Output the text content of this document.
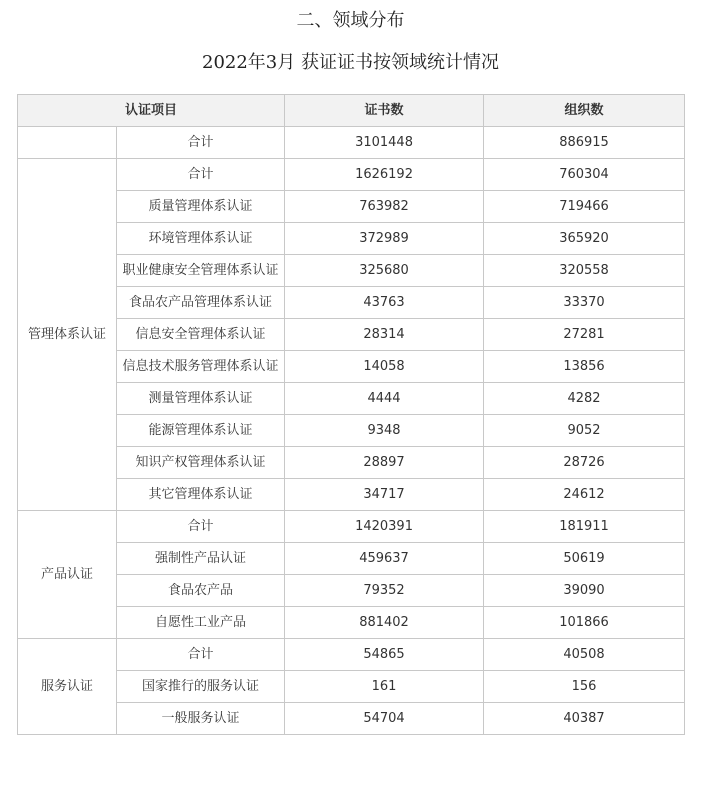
二、领域分布
2022年3月 获证证书按领域统计情况
认证项目		证书数	组织数
	合计	3101448	886915
管理体系认证	合计	1626192	760304
	质量管理体系认证	763982	719466
	环境管理体系认证	372989	365920
	职业健康安全管理体系认证	325680	320558
	食品农产品管理体系认证	43763	33370
	信息安全管理体系认证	28314	27281
	信息技术服务管理体系认证	14058	13856
	测量管理体系认证	4444	4282
	能源管理体系认证	9348	9052
	知识产权管理体系认证	28897	28726
	其它管理体系认证	34717	24612
产品认证	合计	1420391	181911
	强制性产品认证	459637	50619
	食品农产品	79352	39090
	自愿性工业产品	881402	101866
服务认证	合计	54865	40508
	国家推行的服务认证	161	156
	一般服务认证	54704	40387
